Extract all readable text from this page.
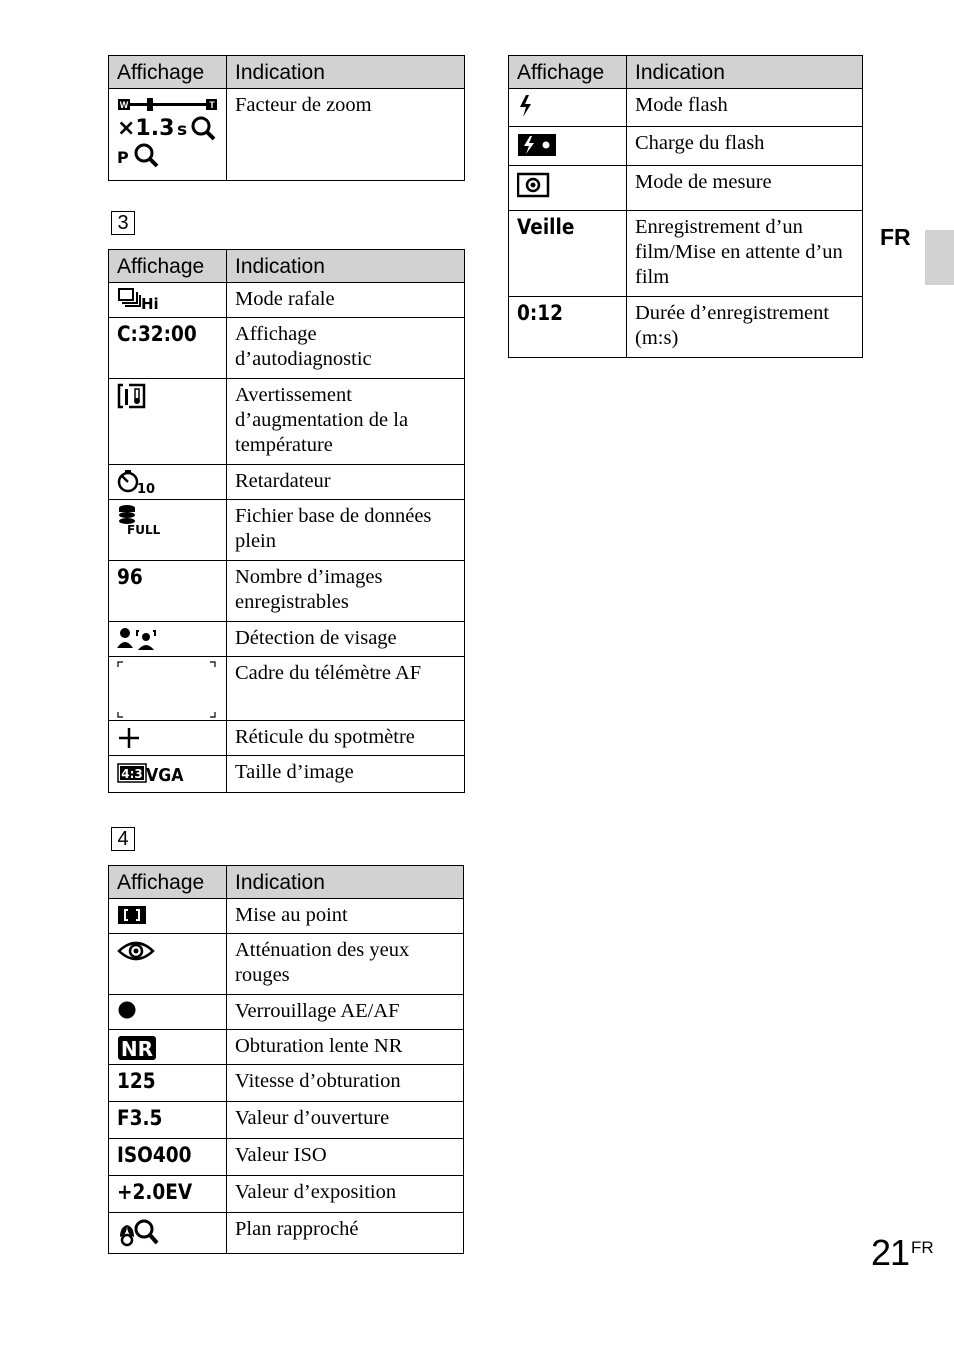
Affichage	Indication

W T
×1.3 s
P	Facteur de zoom
3
Affichage	Indication

Hi	Mode rafale
C:32:00	Affichage d’autodiagnostic

	Avertissement d’augmentation de la température

10	Retardateur

FULL	Fichier base de données plein
96	Nombre d’images enregistrables

	Détection de visage

	Cadre du télémètre AF

	Réticule du spotmètre

4:3 VGA	Taille d’image
4
Affichage	Indication

	Mise au point

	Atténuation des yeux rouges

	Verrouillage AE/AF

NR	Obturation lente NR
125	Vitesse d’obturation
F3.5	Valeur d’ouverture
ISO400	Valeur ISO
+2.0EV	Valeur d’exposition

	Plan rapproché
Affichage	Indication

	Mode flash

	Charge du flash

	Mode de mesure
Veille	Enregistrement d’un film/Mise en attente d’un film
0:12	Durée d’enregistrement (m:s)
FR
21 FR
